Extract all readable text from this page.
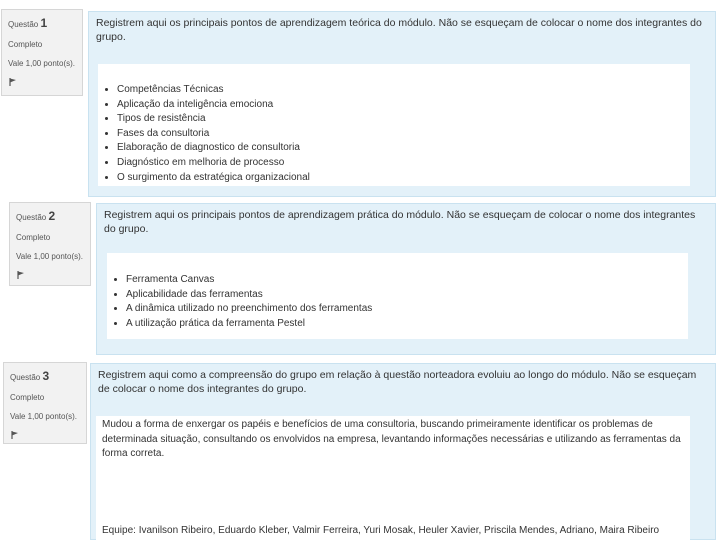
Questão 1
Completo
Vale 1,00 ponto(s).
Registrem aqui os principais pontos de aprendizagem teórica do módulo. Não se esqueçam de colocar o nome dos integrantes do grupo.
• Competências Técnicas
• Aplicação da inteligência emociona
• Tipos de resistência
• Fases da consultoria
• Elaboração de diagnostico de consultoria
• Diagnóstico em melhoria de processo
• O surgimento da estratégica organizacional
Questão 2
Completo
Vale 1,00 ponto(s).
Registrem aqui os principais pontos de aprendizagem prática do módulo. Não se esqueçam de colocar o nome dos integrantes do grupo.
• Ferramenta Canvas
• Aplicabilidade das ferramentas
• A dinâmica utilizado no preenchimento dos ferramentas
• A utilização prática da ferramenta Pestel
Questão 3
Completo
Vale 1,00 ponto(s).
Registrem aqui como a compreensão do grupo em relação à questão norteadora evoluiu ao longo do módulo. Não se esqueçam de colocar o nome dos integrantes do grupo.

Mudou a forma de enxergar os papéis e benefícios de uma consultoria, buscando primeiramente identificar os problemas de determinada situação, consultando os envolvidos na empresa, levantando informações necessárias e utilizando as ferramentas da forma correta.

Equipe: Ivanilson Ribeiro, Eduardo Kleber, Valmir Ferreira, Yuri Mosak, Heuler Xavier, Priscila Mendes, Adriano, Maira Ribeiro
